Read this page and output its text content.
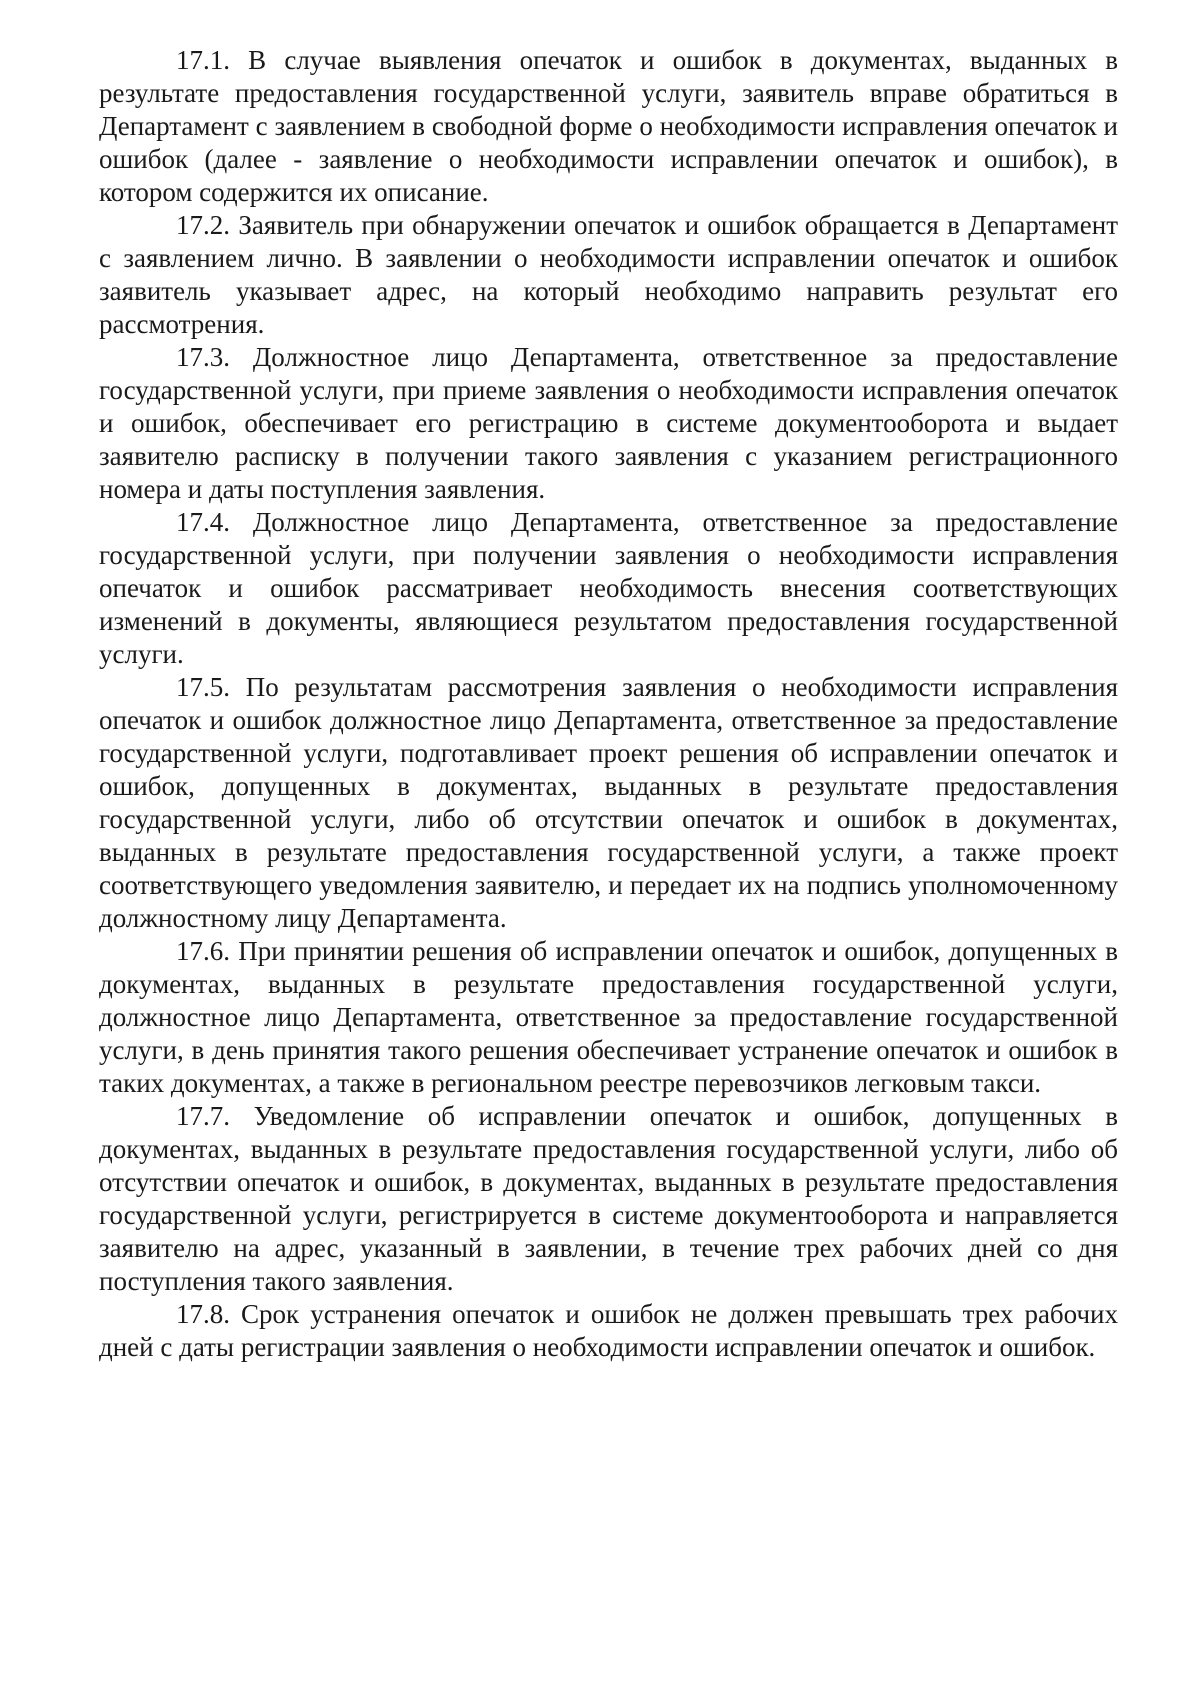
17.1. В случае выявления опечаток и ошибок в документах, выданных в результате предоставления государственной услуги, заявитель вправе обратиться в Департамент с заявлением в свободной форме о необходимости исправления опечаток и ошибок (далее - заявление о необходимости исправлении опечаток и ошибок), в котором содержится их описание.

17.2. Заявитель при обнаружении опечаток и ошибок обращается в Департамент с заявлением лично. В заявлении о необходимости исправлении опечаток и ошибок заявитель указывает адрес, на который необходимо направить результат его рассмотрения.

17.3. Должностное лицо Департамента, ответственное за предоставление государственной услуги, при приеме заявления о необходимости исправления опечаток и ошибок, обеспечивает его регистрацию в системе документооборота и выдает заявителю расписку в получении такого заявления с указанием регистрационного номера и даты поступления заявления.

17.4. Должностное лицо Департамента, ответственное за предоставление государственной услуги, при получении заявления о необходимости исправления опечаток и ошибок рассматривает необходимость внесения соответствующих изменений в документы, являющиеся результатом предоставления государственной услуги.

17.5. По результатам рассмотрения заявления о необходимости исправления опечаток и ошибок должностное лицо Департамента, ответственное за предоставление государственной услуги, подготавливает проект решения об исправлении опечаток и ошибок, допущенных в документах, выданных в результате предоставления государственной услуги, либо об отсутствии опечаток и ошибок в документах, выданных в результате предоставления государственной услуги, а также проект соответствующего уведомления заявителю, и передает их на подпись уполномоченному должностному лицу Департамента.

17.6. При принятии решения об исправлении опечаток и ошибок, допущенных в документах, выданных в результате предоставления государственной услуги, должностное лицо Департамента, ответственное за предоставление государственной услуги, в день принятия такого решения обеспечивает устранение опечаток и ошибок в таких документах, а также в региональном реестре перевозчиков легковым такси.

17.7. Уведомление об исправлении опечаток и ошибок, допущенных в документах, выданных в результате предоставления государственной услуги, либо об отсутствии опечаток и ошибок, в документах, выданных в результате предоставления государственной услуги, регистрируется в системе документооборота и направляется заявителю на адрес, указанный в заявлении, в течение трех рабочих дней со дня поступления такого заявления.

17.8. Срок устранения опечаток и ошибок не должен превышать трех рабочих дней с даты регистрации заявления о необходимости исправлении опечаток и ошибок.
